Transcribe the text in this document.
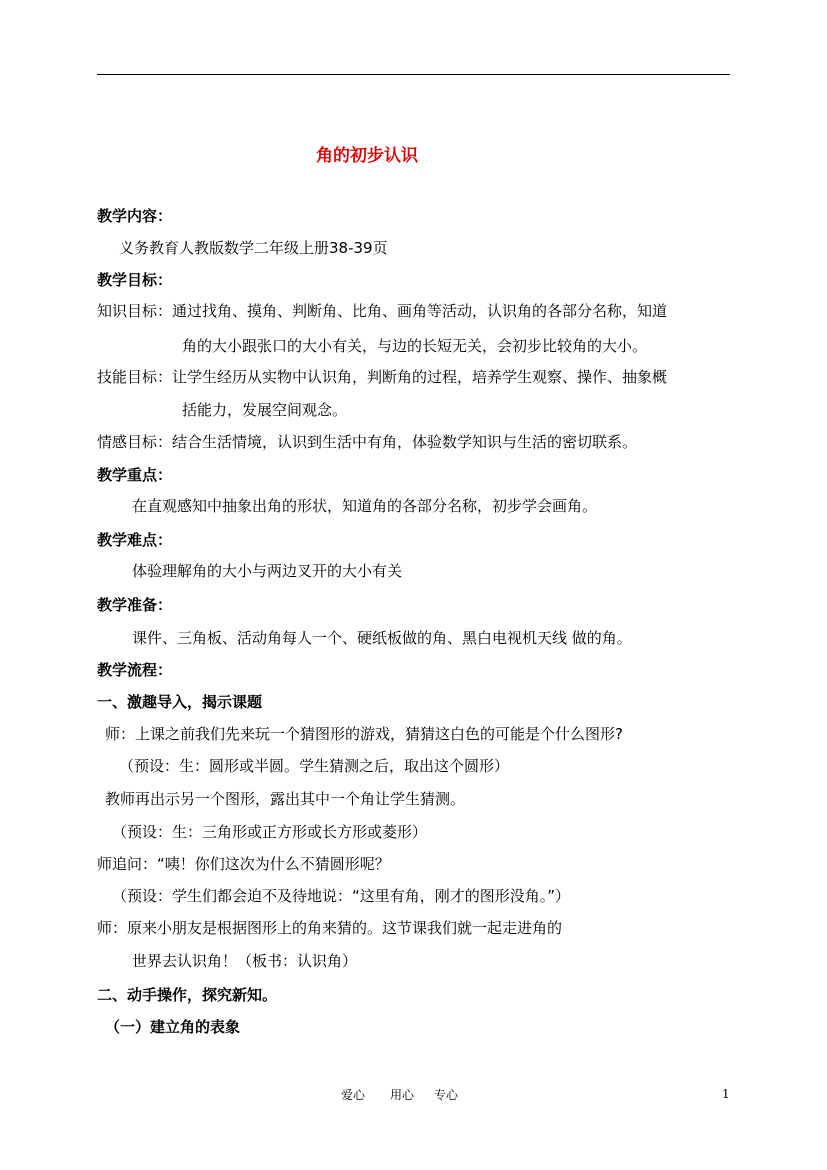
角的初步认识
教学内容：
义务教育人教版数学二年级上册38-39页
教学目标：
知识目标：通过找角、摸角、判断角、比角、画角等活动，认识角的各部分名称，知道
角的大小跟张口的大小有关，与边的长短无关，会初步比较角的大小。
技能目标：让学生经历从实物中认识角，判断角的过程，培养学生观察、操作、抽象概
括能力，发展空间观念。
情感目标：结合生活情境，认识到生活中有角，体验数学知识与生活的密切联系。
教学重点：
在直观感知中抽象出角的形状，知道角的各部分名称，初步学会画角。
教学难点：
体验理解角的大小与两边叉开的大小有关
教学准备：
课件、三角板、活动角每人一个、硬纸板做的角、黑白电视机天线 做的角。
教学流程：
一、激趣导入，揭示课题
师：上课之前我们先来玩一个猜图形的游戏，猜猜这白色的可能是个什么图形?
（预设：生：圆形或半圆。学生猜测之后，取出这个圆形）
教师再出示另一个图形，露出其中一个角让学生猜测。
（预设：生：三角形或正方形或长方形或菱形）
师追问：“咦！你们这次为什么不猜圆形呢？
（预设：学生们都会迫不及待地说：“这里有角，刚才的图形没角。”）
师：原来小朋友是根据图形上的角来猜的。这节课我们就一起走进角的
世界去认识角！（板书：认识角）
二、动手操作，探究新知。
（一）建立角的表象
爱心 用心 专心	1
